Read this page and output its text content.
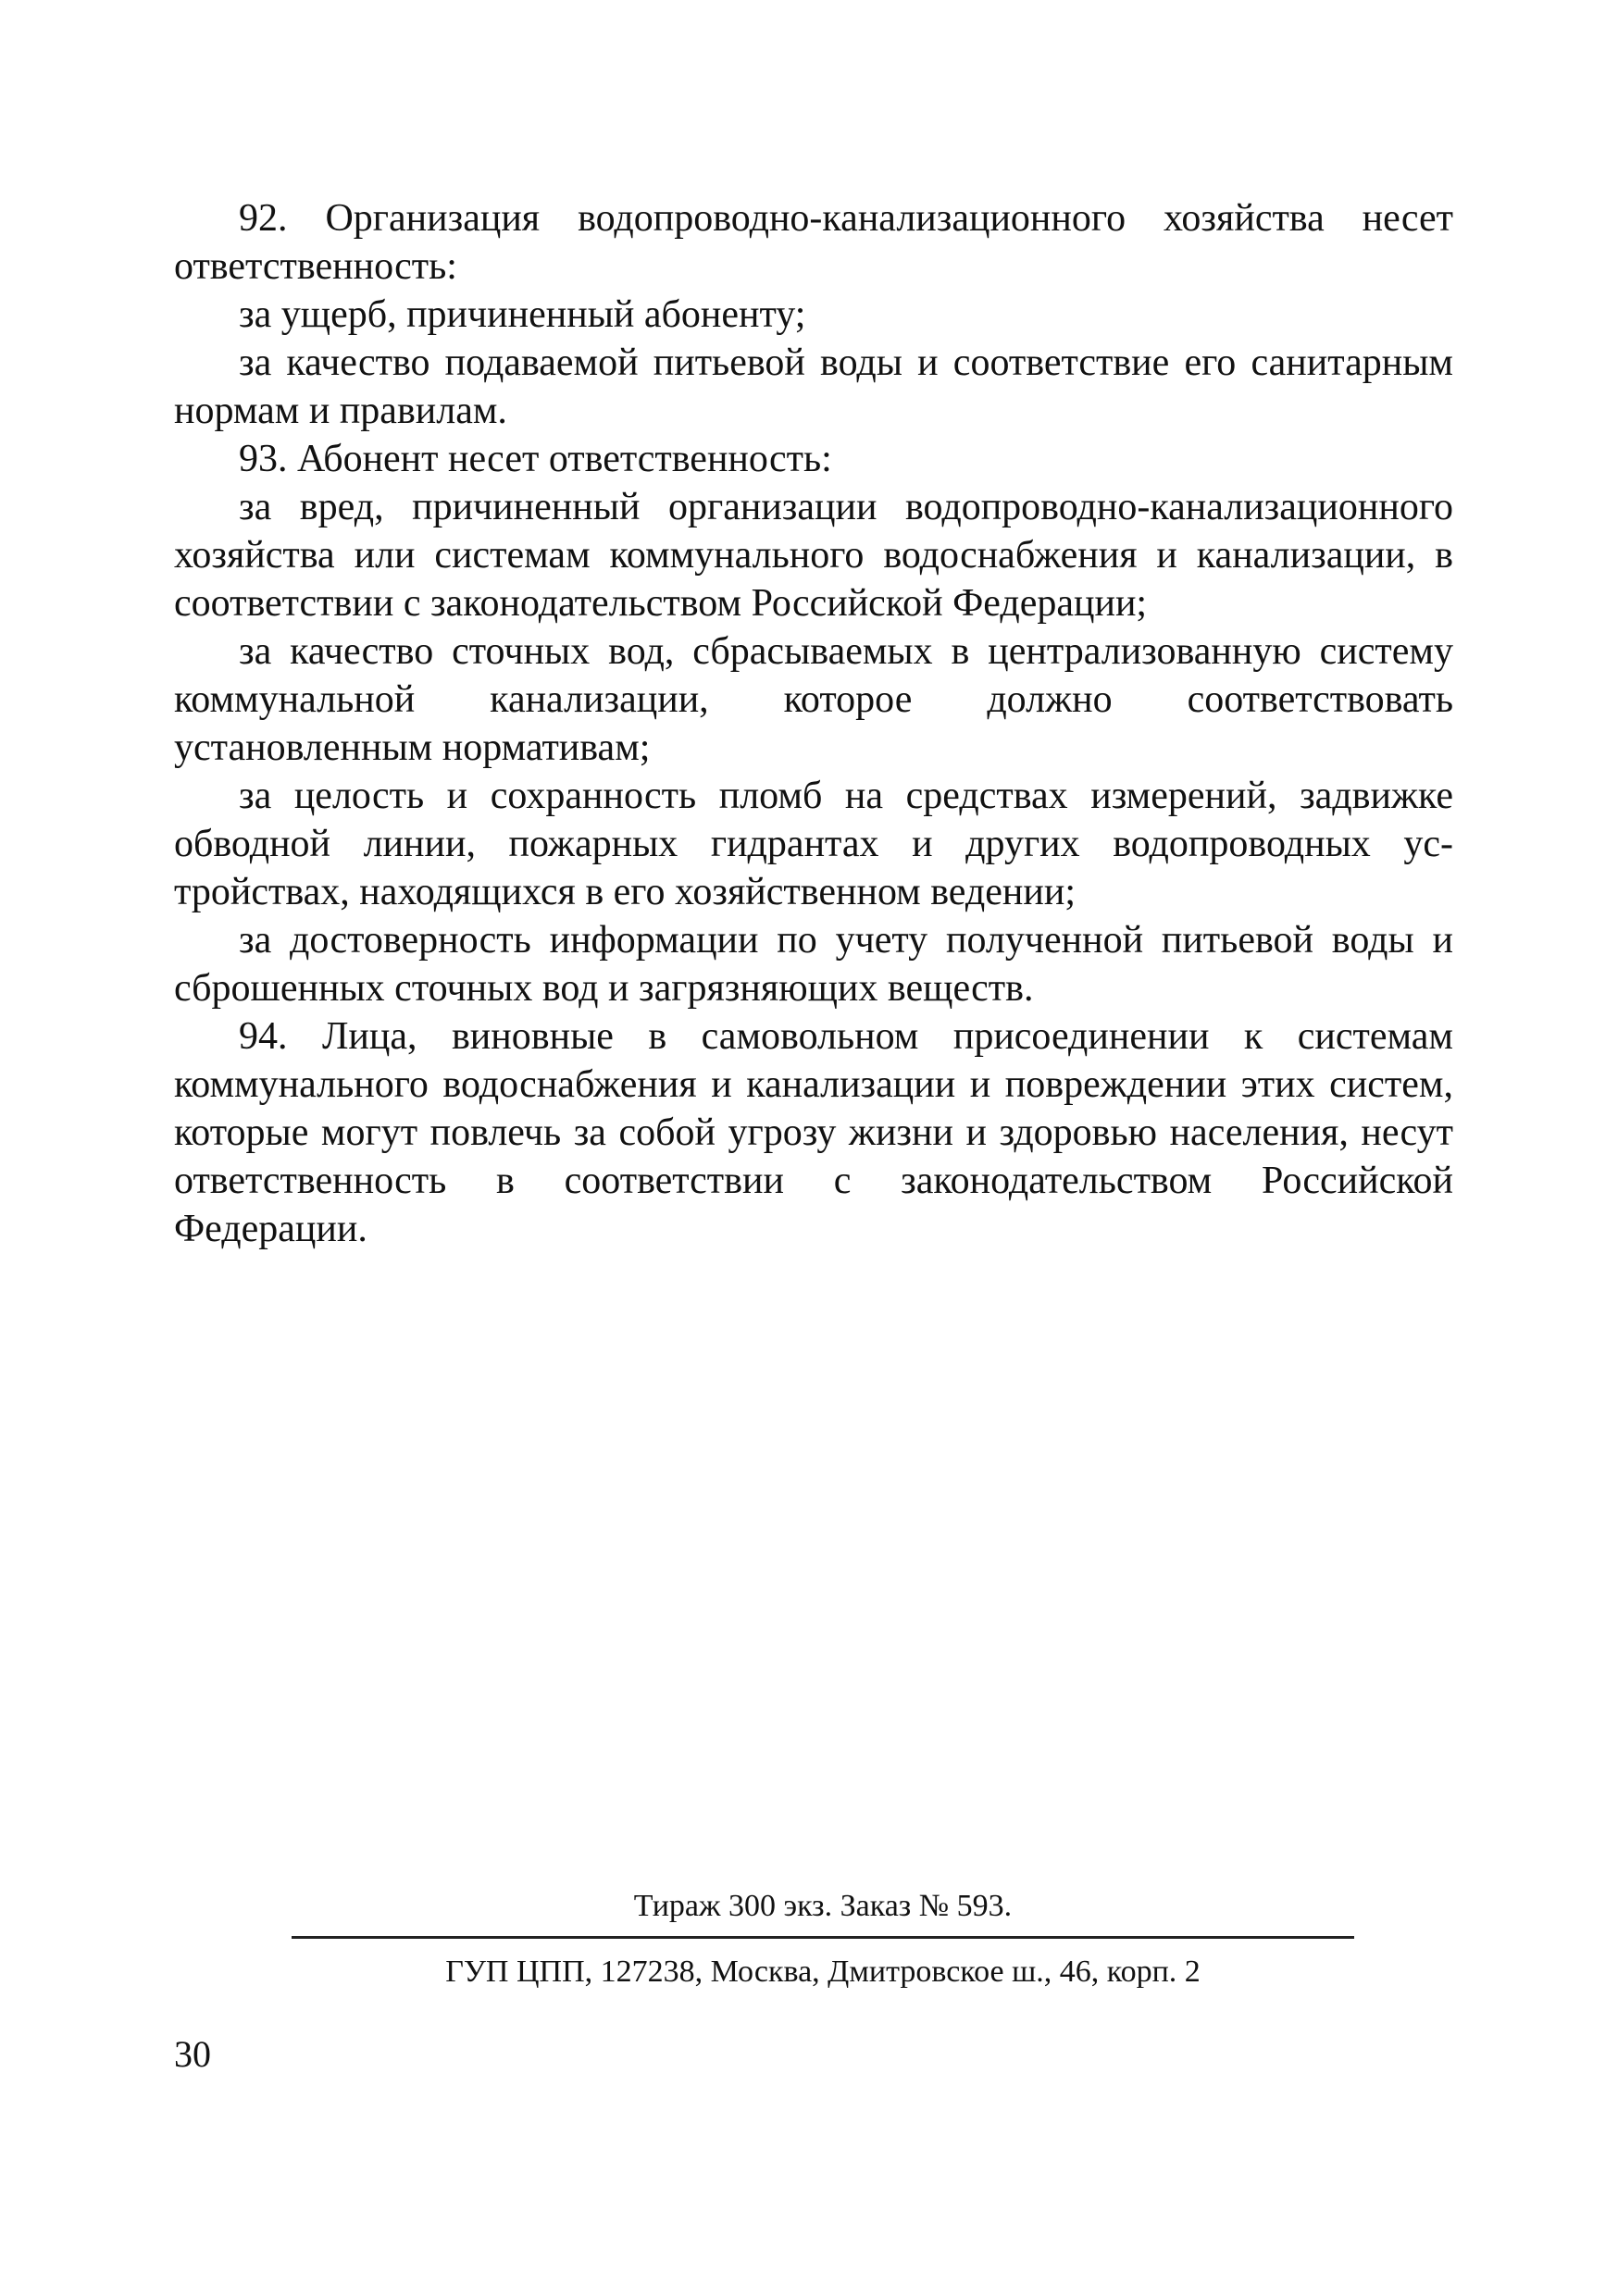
92. Организация водопроводно-канализационного хозяйства несет ответственность:

за ущерб, причиненный абоненту;

за качество подаваемой питьевой воды и соответствие его санитарным нормам и правилам.

93. Абонент несет ответственность:

за вред, причиненный организации водопроводно-канализационного хозяйства или системам коммунального водоснабжения и канализации, в соответствии с законодательством Российской Федерации;

за качество сточных вод, сбрасываемых в централизованную систему коммунальной канализации, которое должно соответствовать установленным нормативам;

за целость и сохранность пломб на средствах измерений, задвижке обводной линии, пожарных гидрантах и других водопроводных устройствах, находящихся в его хозяйственном ведении;

за достоверность информации по учету полученной питьевой воды и сброшенных сточных вод и загрязняющих веществ.

94. Лица, виновные в самовольном присоединении к системам коммунального водоснабжения и канализации и повреждении этих систем, которые могут повлечь за собой угрозу жизни и здоровью населения, несут ответственность в соответствии с законодательством Российской Федерации.

Тираж 300 экз. Заказ № 593.

ГУП ЦПП, 127238, Москва, Дмитровское ш., 46, корп. 2

30
